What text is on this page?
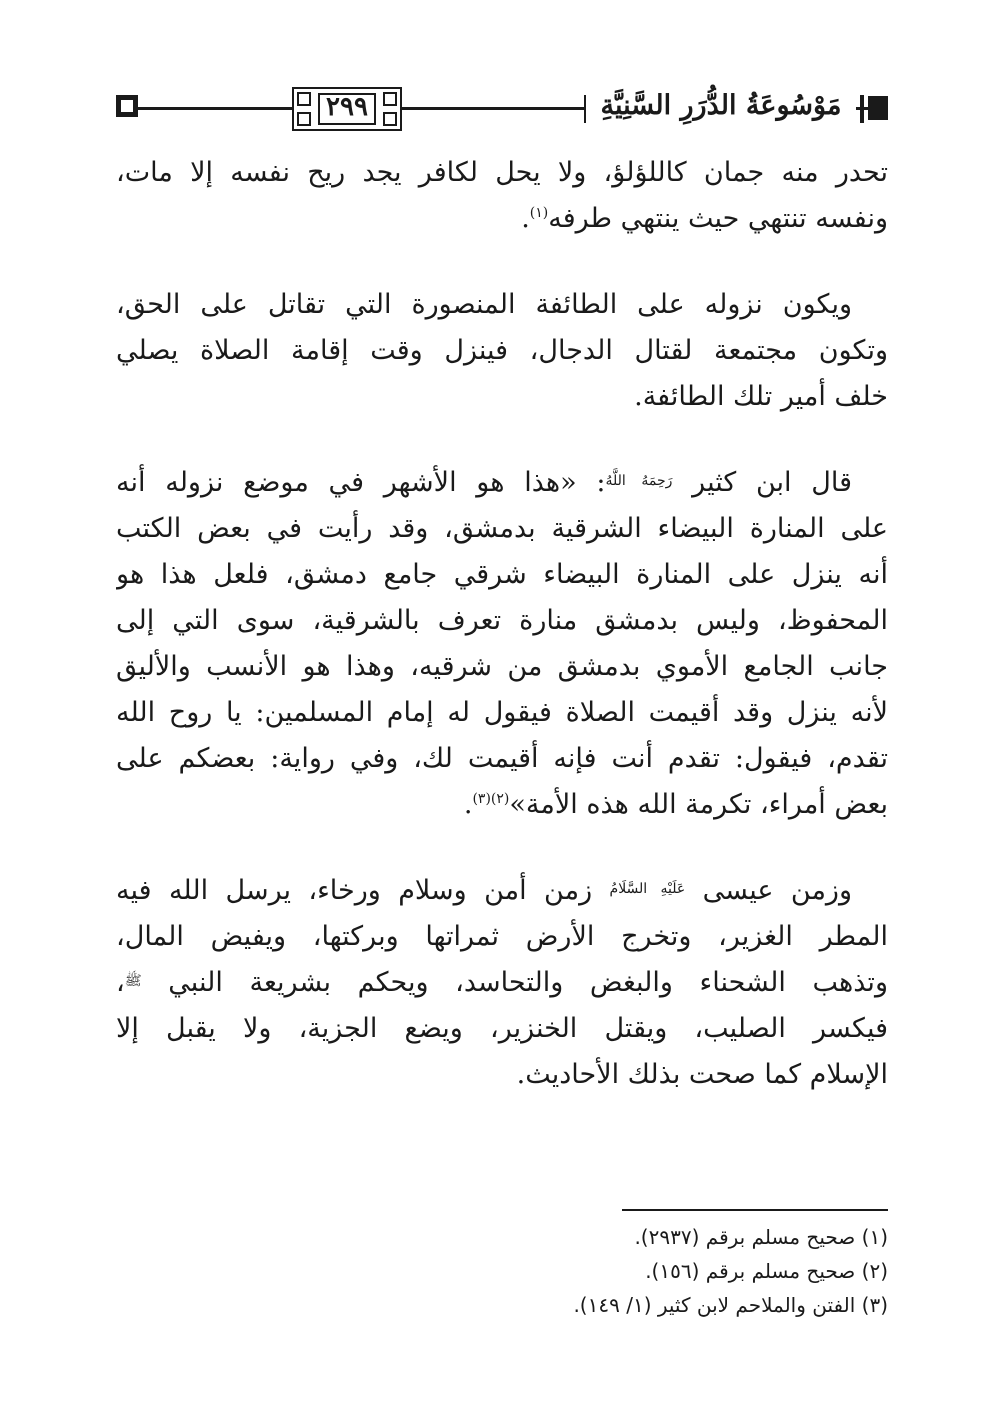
٢٩٩	مَوْسُوعَةُ الدُّرَرِ السَّنِيَّةِ
تحدر منه جمان كاللؤلؤ، ولا يحل لكافر يجد ريح نفسه إلا مات،
ونفسه تنتهي حيث ينتهي طرفه$^{(١)}$.
ويكون نزوله على الطائفة المنصورة التي تقاتل على الحق،
وتكون مجتمعة لقتال الدجال، فينزل وقت إقامة الصلاة يصلي
خلف أمير تلك الطائفة.
قال ابن كثير $^{رَحِمَهُ اللَّهُ}$: «هذا هو الأشهر في موضع نزوله أنه
على المنارة البيضاء الشرقية بدمشق، وقد رأيت في بعض الكتب
أنه ينزل على المنارة البيضاء شرقي جامع دمشق، فلعل هذا هو
المحفوظ، وليس بدمشق منارة تعرف بالشرقية، سوى التي إلى
جانب الجامع الأموي بدمشق من شرقيه، وهذا هو الأنسب والأليق
لأنه ينزل وقد أقيمت الصلاة فيقول له إمام المسلمين: يا روح الله
تقدم، فيقول: تقدم أنت فإنه أقيمت لك، وفي رواية: بعضكم على
بعض أمراء، تكرمة الله هذه الأمة»$^{(٢)(٣)}$.
وزمن عيسى $^{عَلَيْهِ السَّلَامُ}$ زمن أمن وسلام ورخاء، يرسل الله فيه
المطر الغزير، وتخرج الأرض ثمراتها وبركتها، ويفيض المال،
وتذهب الشحناء والبغض والتحاسد، ويحكم بشريعة النبي $^ﷺ$،
فيكسر الصليب، ويقتل الخنزير، ويضع الجزية، ولا يقبل إلا
الإسلام كما صحت بذلك الأحاديث.
(١) صحيح مسلم برقم (٢٩٣٧).
(٢) صحيح مسلم برقم (١٥٦).
(٣) الفتن والملاحم لابن كثير (١/ ١٤٩).
